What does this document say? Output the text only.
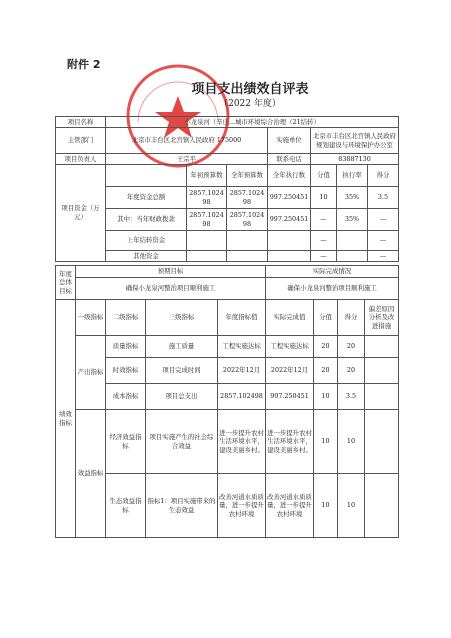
附件 2
项目支出绩效自评表
（2022 年度）
项目名称	小龙泉河（辛庄...城市环境综合治理（21结转）						
主管部门	北京市丰台区北宫镇人民政府 175000			实施单位	北京市丰台区北宫镇人民政府规划建设与环境保护办公室		
项目负责人	王宗平			联系电话	83887130		
项目资金（万元）		年初预算数	全年预算数	全年执行数	分值	执行率	得分
	年度资金总额	2857.102498	2857.102498	997.250451	10	35%	3.5
	其中：当年财政拨款	2857.102498	2857.102498	997.250451	—	35%	—
	上年结转资金				—		—
	其他资金				—		—
年度总体目标	预期目标				实际完成情况			
	确保小龙泉河整治项目顺利施工				确保小龙泉河整治项目顺利施工			
绩效指标	一级指标	二级指标	三级指标	年度指标值	实际完成值	分值	得分	偏差原因分析及改进措施
	产出指标	质量指标	施工质量	工程实施达标	工程实施达标	20	20	
		时效指标	项目完成时间	2022年12月	2022年12月	20	20	
		成本指标	项目总支出	2857.102498	997.250451	10	3.5	
	效益指标	经济效益指标	项目实施产生的社会综合效益	进一步提升农村生活环境水平，建设美丽乡村。	进一步提升农村生活环境水平，建设美丽乡村。	10	10	
		生态效益指标	指标1：项目实施带来的生态效益	改善河道水质质量，进一步提升农村环境	改善河道水质质量，进一步提升农村环境	10	10	
